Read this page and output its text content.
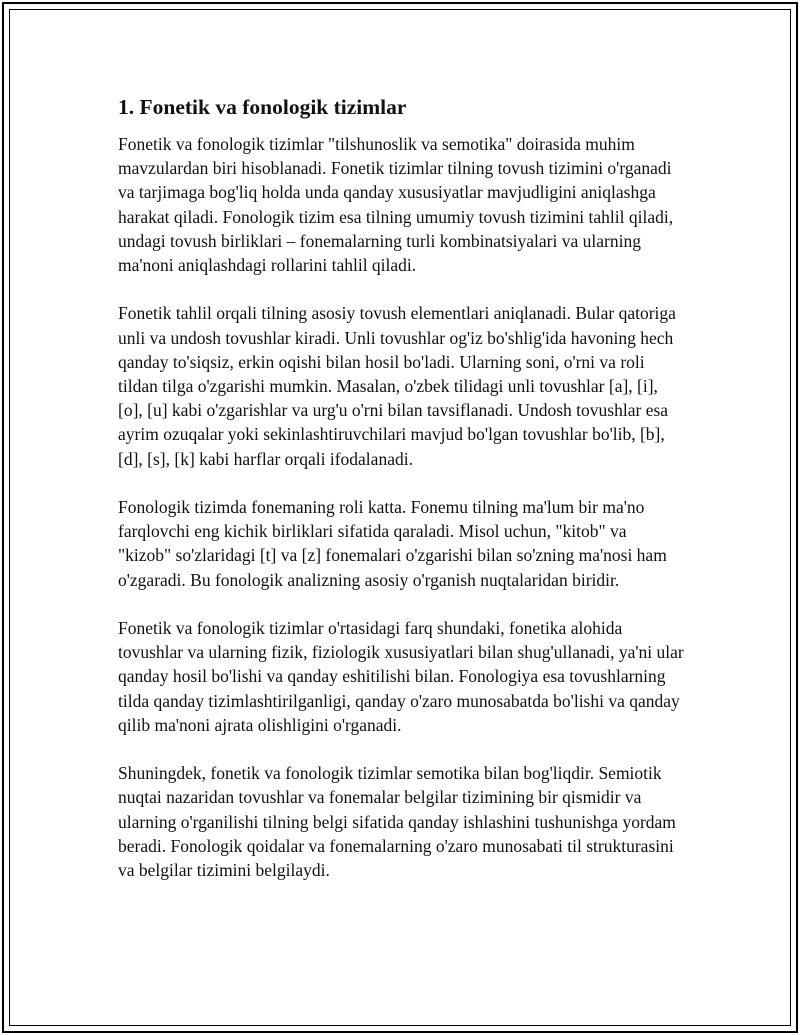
1. Fonetik va fonologik tizimlar

Fonetik va fonologik tizimlar "tilshunoslik va semotika" doirasida muhim mavzulardan biri hisoblanadi. Fonetik tizimlar tilning tovush tizimini o'rganadi va tarjimaga bog'liq holda unda qanday xususiyatlar mavjudligini aniqlashga harakat qiladi. Fonologik tizim esa tilning umumiy tovush tizimini tahlil qiladi, undagi tovush birliklari – fonemalarning turli kombinatsiyalari va ularning ma'noni aniqlashdagi rollarini tahlil qiladi.

Fonetik tahlil orqali tilning asosiy tovush elementlari aniqlanadi. Bular qatoriga unli va undosh tovushlar kiradi. Unli tovushlar og'iz bo'shlig'ida havoning hech qanday to'siqsiz, erkin oqishi bilan hosil bo'ladi. Ularning soni, o'rni va roli tildan tilga o'zgarishi mumkin. Masalan, o'zbek tilidagi unli tovushlar [a], [i], [o], [u] kabi o'zgarishlar va urg'u o'rni bilan tavsiflanadi. Undosh tovushlar esa ayrim ozuqalar yoki sekinlashtiruvchilari mavjud bo'lgan tovushlar bo'lib, [b], [d], [s], [k] kabi harflar orqali ifodalanadi.

Fonologik tizimda fonemaning roli katta. Fonemu tilning ma'lum bir ma'no farqlovchi eng kichik birliklari sifatida qaraladi. Misol uchun, "kitob" va "kizob" so'zlaridagi [t] va [z] fonemalari o'zgarishi bilan so'zning ma'nosi ham o'zgaradi. Bu fonologik analizning asosiy o'rganish nuqtalaridan biridir.

Fonetik va fonologik tizimlar o'rtasidagi farq shundaki, fonetika alohida tovushlar va ularning fizik, fiziologik xususiyatlari bilan shug'ullanadi, ya'ni ular qanday hosil bo'lishi va qanday eshitilishi bilan. Fonologiya esa tovushlarning tilda qanday tizimlashtirilganligi, qanday o'zaro munosabatda bo'lishi va qanday qilib ma'noni ajrata olishligini o'rganadi.

Shuningdek, fonetik va fonologik tizimlar semotika bilan bog'liqdir. Semiotik nuqtai nazaridan tovushlar va fonemalar belgilar tizimining bir qismidir va ularning o'rganilishi tilning belgi sifatida qanday ishlashini tushunishga yordam beradi. Fonologik qoidalar va fonemalarning o'zaro munosabati til strukturasini va belgilar tizimini belgilaydi.
